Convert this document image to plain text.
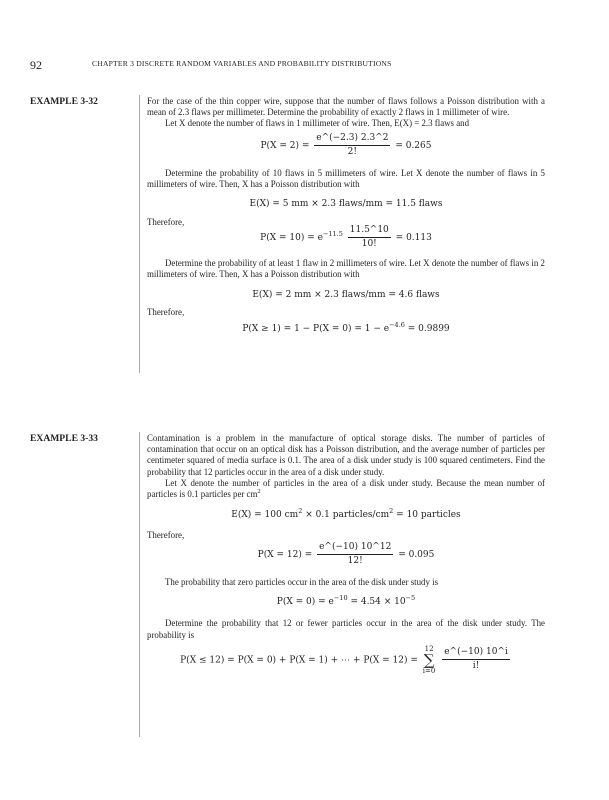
92	CHAPTER 3 DISCRETE RANDOM VARIABLES AND PROBABILITY DISTRIBUTIONS
EXAMPLE 3-32	For the case of the thin copper wire, suppose that the number of flaws follows a Poisson distribution with a mean of 2.3 flaws per millimeter. Determine the probability of exactly 2 flaws in 1 millimeter of wire.

Let X denote the number of flaws in 1 millimeter of wire. Then, E(X) = 2.3 flaws and

$P(X = 2) = \frac{e\^{}(-2.3) 2.3\^{}2}{2!} = 0.265$

Determine the probability of 10 flaws in 5 millimeters of wire. Let X denote the number of flaws in 5 millimeters of wire. Then, X has a Poisson distribution with

E(X) = 5 mm × 2.3 flaws/mm = 11.5 flaws

Therefore,

$P(X = 10) = e^{-11.5} \frac{11.5\^{}10}{10!} = 0.113$

Determine the probability of at least 1 flaw in 2 millimeters of wire. Let X denote the number of flaws in 2 millimeters of wire. Then, X has a Poisson distribution with

E(X) = 2 mm × 2.3 flaws/mm = 4.6 flaws

Therefore,

$P(X \ge 1) = 1 - P(X = 0) = 1 - e^{-4.6} = 0.9899$
EXAMPLE 3-33	Contamination is a problem in the manufacture of optical storage disks. The number of particles of contamination that occur on an optical disk has a Poisson distribution, and the average number of particles per centimeter squared of media surface is 0.1. The area of a disk under study is 100 squared centimeters. Find the probability that 12 particles occur in the area of a disk under study.

Let X denote the number of particles in the area of a disk under study. Because the mean number of particles is 0.1 particles per $cm^2$

E(X) = 100 $cm^2 \times 0.1$ particles/$cm^2 = 10$ particles

Therefore,

$P(X = 12) = \frac{e\^{}(-10) 10\^{}12}{12!} = 0.095$

The probability that zero particles occur in the area of the disk under study is

$P(X = 0) = e^{-10} = 4.54 \times 10^{-5}$

Determine the probability that 12 or fewer particles occur in the area of the disk under study. The probability is

P(X ≤ 12) = P(X = 0) + P(X = 1) + ⋯ + P(X = 12) = 12
∑
$i=0 \frac{e\^{}(-10) 10\^{}i}{i!}$
